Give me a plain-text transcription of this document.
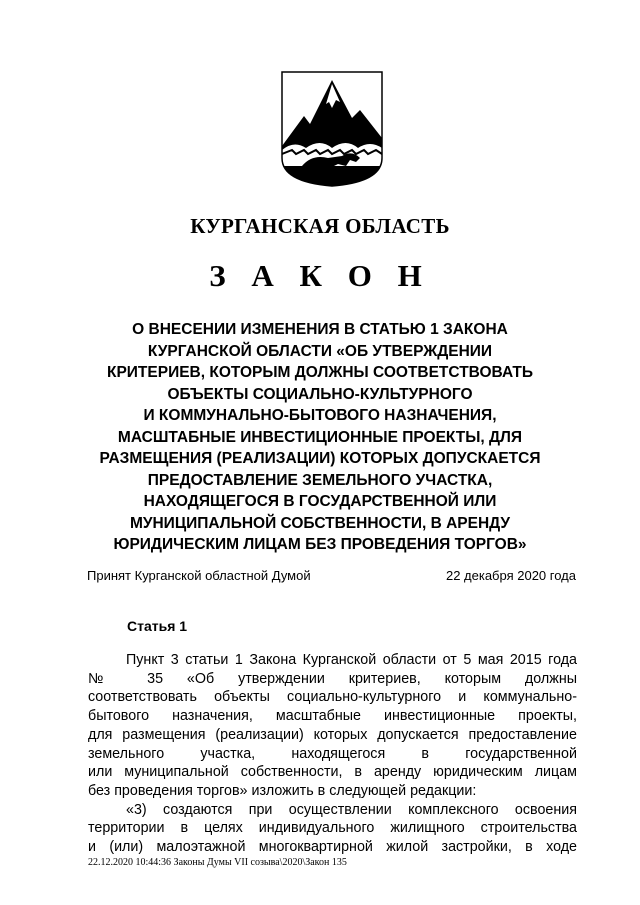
КУРГАНСКАЯ ОБЛАСТЬ
З А К О Н
О ВНЕСЕНИИ ИЗМЕНЕНИЯ В СТАТЬЮ 1 ЗАКОНА
КУРГАНСКОЙ ОБЛАСТИ «ОБ УТВЕРЖДЕНИИ
КРИТЕРИЕВ, КОТОРЫМ ДОЛЖНЫ СООТВЕТСТВОВАТЬ
ОБЪЕКТЫ СОЦИАЛЬНО-КУЛЬТУРНОГО
И КОММУНАЛЬНО-БЫТОВОГО НАЗНАЧЕНИЯ,
МАСШТАБНЫЕ ИНВЕСТИЦИОННЫЕ ПРОЕКТЫ, ДЛЯ
РАЗМЕЩЕНИЯ (РЕАЛИЗАЦИИ) КОТОРЫХ ДОПУСКАЕТСЯ
ПРЕДОСТАВЛЕНИЕ ЗЕМЕЛЬНОГО УЧАСТКА,
НАХОДЯЩЕГОСЯ В ГОСУДАРСТВЕННОЙ ИЛИ
МУНИЦИПАЛЬНОЙ СОБСТВЕННОСТИ, В АРЕНДУ
ЮРИДИЧЕСКИМ ЛИЦАМ БЕЗ ПРОВЕДЕНИЯ ТОРГОВ»
Принят Курганской областной Думой	22 декабря 2020 года
Статья 1
Пункт 3 статьи 1 Закона Курганской области от 5 мая 2015 года
№ 35 «Об утверждении критериев, которым должны
соответствовать объекты социально-культурного и коммунально-
бытового назначения, масштабные инвестиционные проекты,
для размещения (реализации) которых допускается предоставление
земельного участка, находящегося в государственной
или муниципальной собственности, в аренду юридическим лицам
без проведения торгов» изложить в следующей редакции:
«3) создаются при осуществлении комплексного освоения
территории в целях индивидуального жилищного строительства
и (или) малоэтажной многоквартирной жилой застройки, в ходе
22.12.2020 10:44:36 Законы Думы VII созыва\2020\Закон 135
